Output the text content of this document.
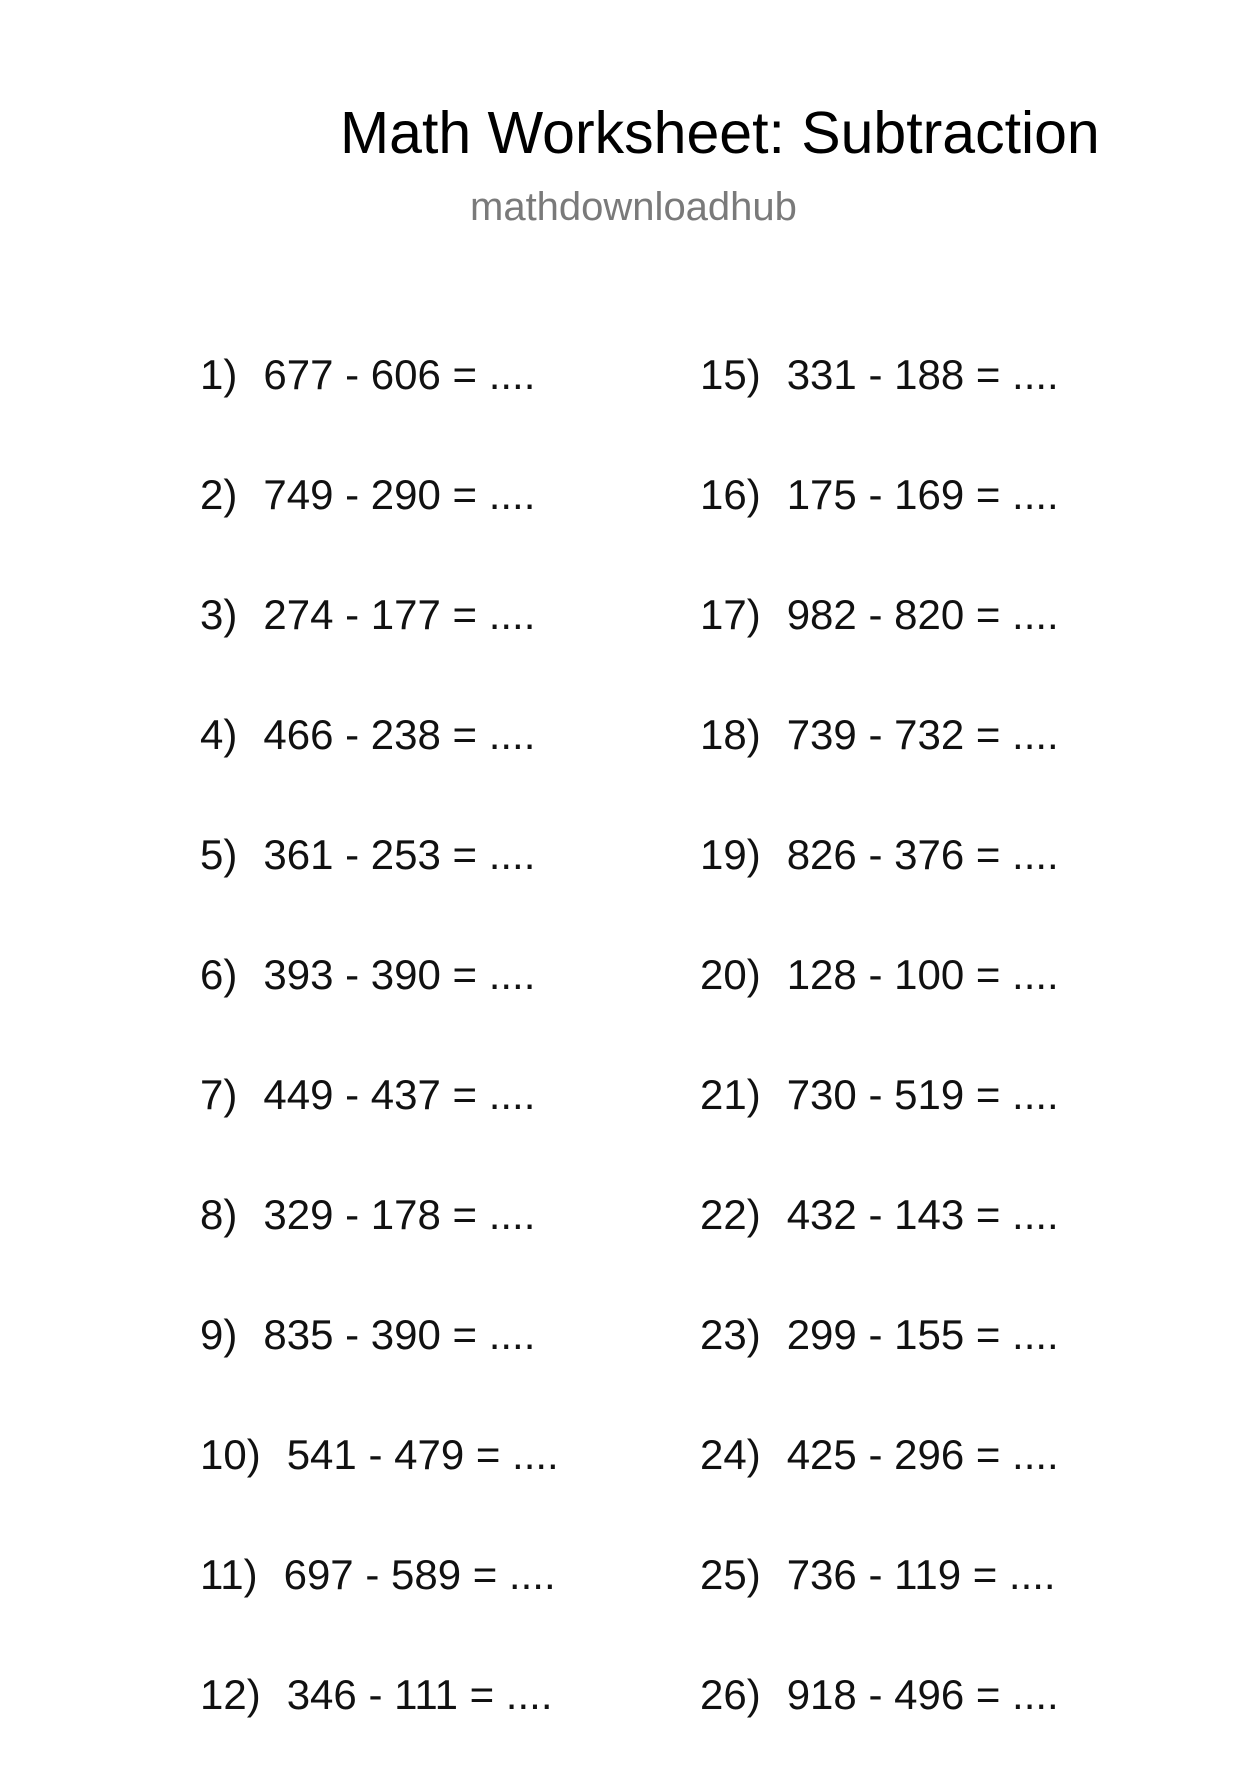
Math Worksheet: Subtraction
mathdownloadhub
1) 677 - 606 = ....
2) 749 - 290 = ....
3) 274 - 177 = ....
4) 466 - 238 = ....
5) 361 - 253 = ....
6) 393 - 390 = ....
7) 449 - 437 = ....
8) 329 - 178 = ....
9) 835 - 390 = ....
10) 541 - 479 = ....
11) 697 - 589 = ....
12) 346 - 111 = ....
15) 331 - 188 = ....
16) 175 - 169 = ....
17) 982 - 820 = ....
18) 739 - 732 = ....
19) 826 - 376 = ....
20) 128 - 100 = ....
21) 730 - 519 = ....
22) 432 - 143 = ....
23) 299 - 155 = ....
24) 425 - 296 = ....
25) 736 - 119 = ....
26) 918 - 496 = ....
